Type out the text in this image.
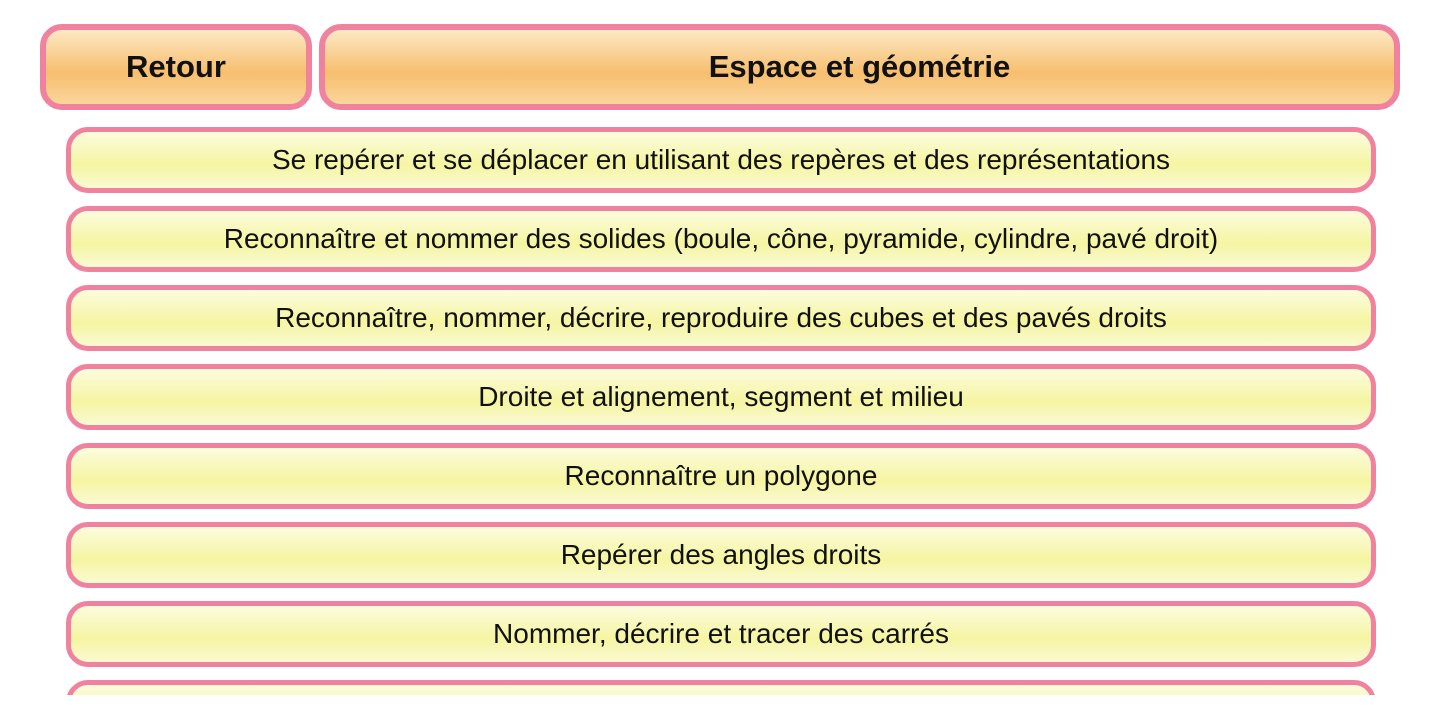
Retour	Espace et géométrie
Se repérer et se déplacer en utilisant des repères et des représentations
Reconnaître et nommer des solides (boule, cône, pyramide, cylindre, pavé droit)
Reconnaître, nommer, décrire, reproduire des cubes et des pavés droits
Droite et alignement, segment et milieu
Reconnaître un polygone
Repérer des angles droits
Nommer, décrire et tracer des carrés
